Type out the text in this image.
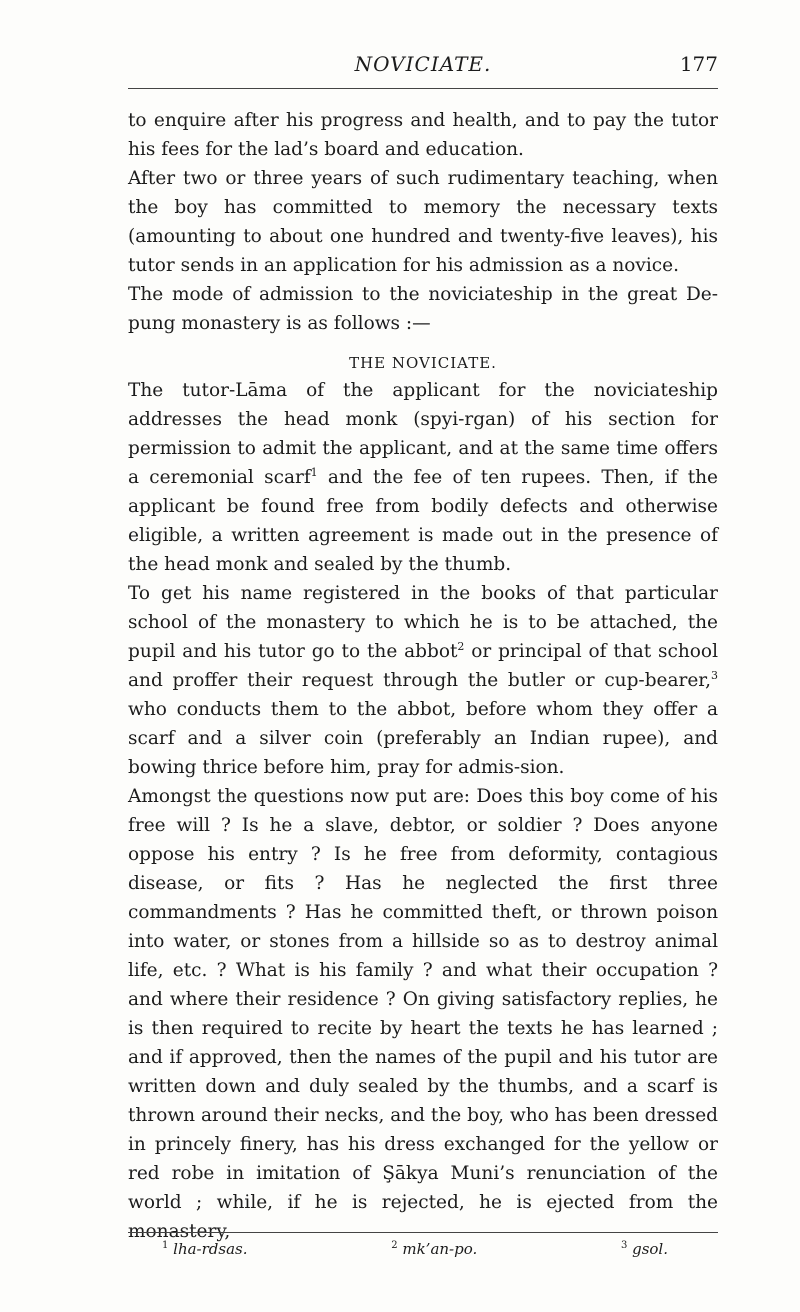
NOVICIATE.	177

to enquire after his progress and health, and to pay the tutor his fees for the lad’s board and education.

After two or three years of such rudimentary teaching, when the boy has committed to memory the necessary texts (amounting to about one hundred and twenty-five leaves), his tutor sends in an application for his admission as a novice.

The mode of admission to the noviciateship in the great De-pung monastery is as follows :—

THE NOVICIATE.

The tutor-Lāma of the applicant for the noviciateship addresses the head monk (spyi-rgan) of his section for permission to admit the applicant, and at the same time offers a ceremonial scarf$^1$ and the fee of ten rupees. Then, if the applicant be found free from bodily defects and otherwise eligible, a written agreement is made out in the presence of the head monk and sealed by the thumb.

To get his name registered in the books of that particular school of the monastery to which he is to be attached, the pupil and his tutor go to the abbot$^2$ or principal of that school and proffer their request through the butler or cup-bearer,$^3$ who conducts them to the abbot, before whom they offer a scarf and a silver coin (preferably an Indian rupee), and bowing thrice before him, pray for admis-sion.

Amongst the questions now put are: Does this boy come of his free will ? Is he a slave, debtor, or soldier ? Does anyone oppose his entry ? Is he free from deformity, contagious disease, or fits ? Has he neglected the first three commandments ? Has he committed theft, or thrown poison into water, or stones from a hillside so as to destroy animal life, etc. ? What is his family ? and what their occupation ? and where their residence ? On giving satisfactory replies, he is then required to recite by heart the texts he has learned ; and if approved, then the names of the pupil and his tutor are written down and duly sealed by the thumbs, and a scarf is thrown around their necks, and the boy, who has been dressed in princely finery, has his dress exchanged for the yellow or red robe in imitation of Şākya Muni’s renunciation of the world ; while, if he is rejected, he is ejected from the monastery,

$^1$ lha-rdsas.	$^2$ mk’an-po.	$^3$ gsol.
